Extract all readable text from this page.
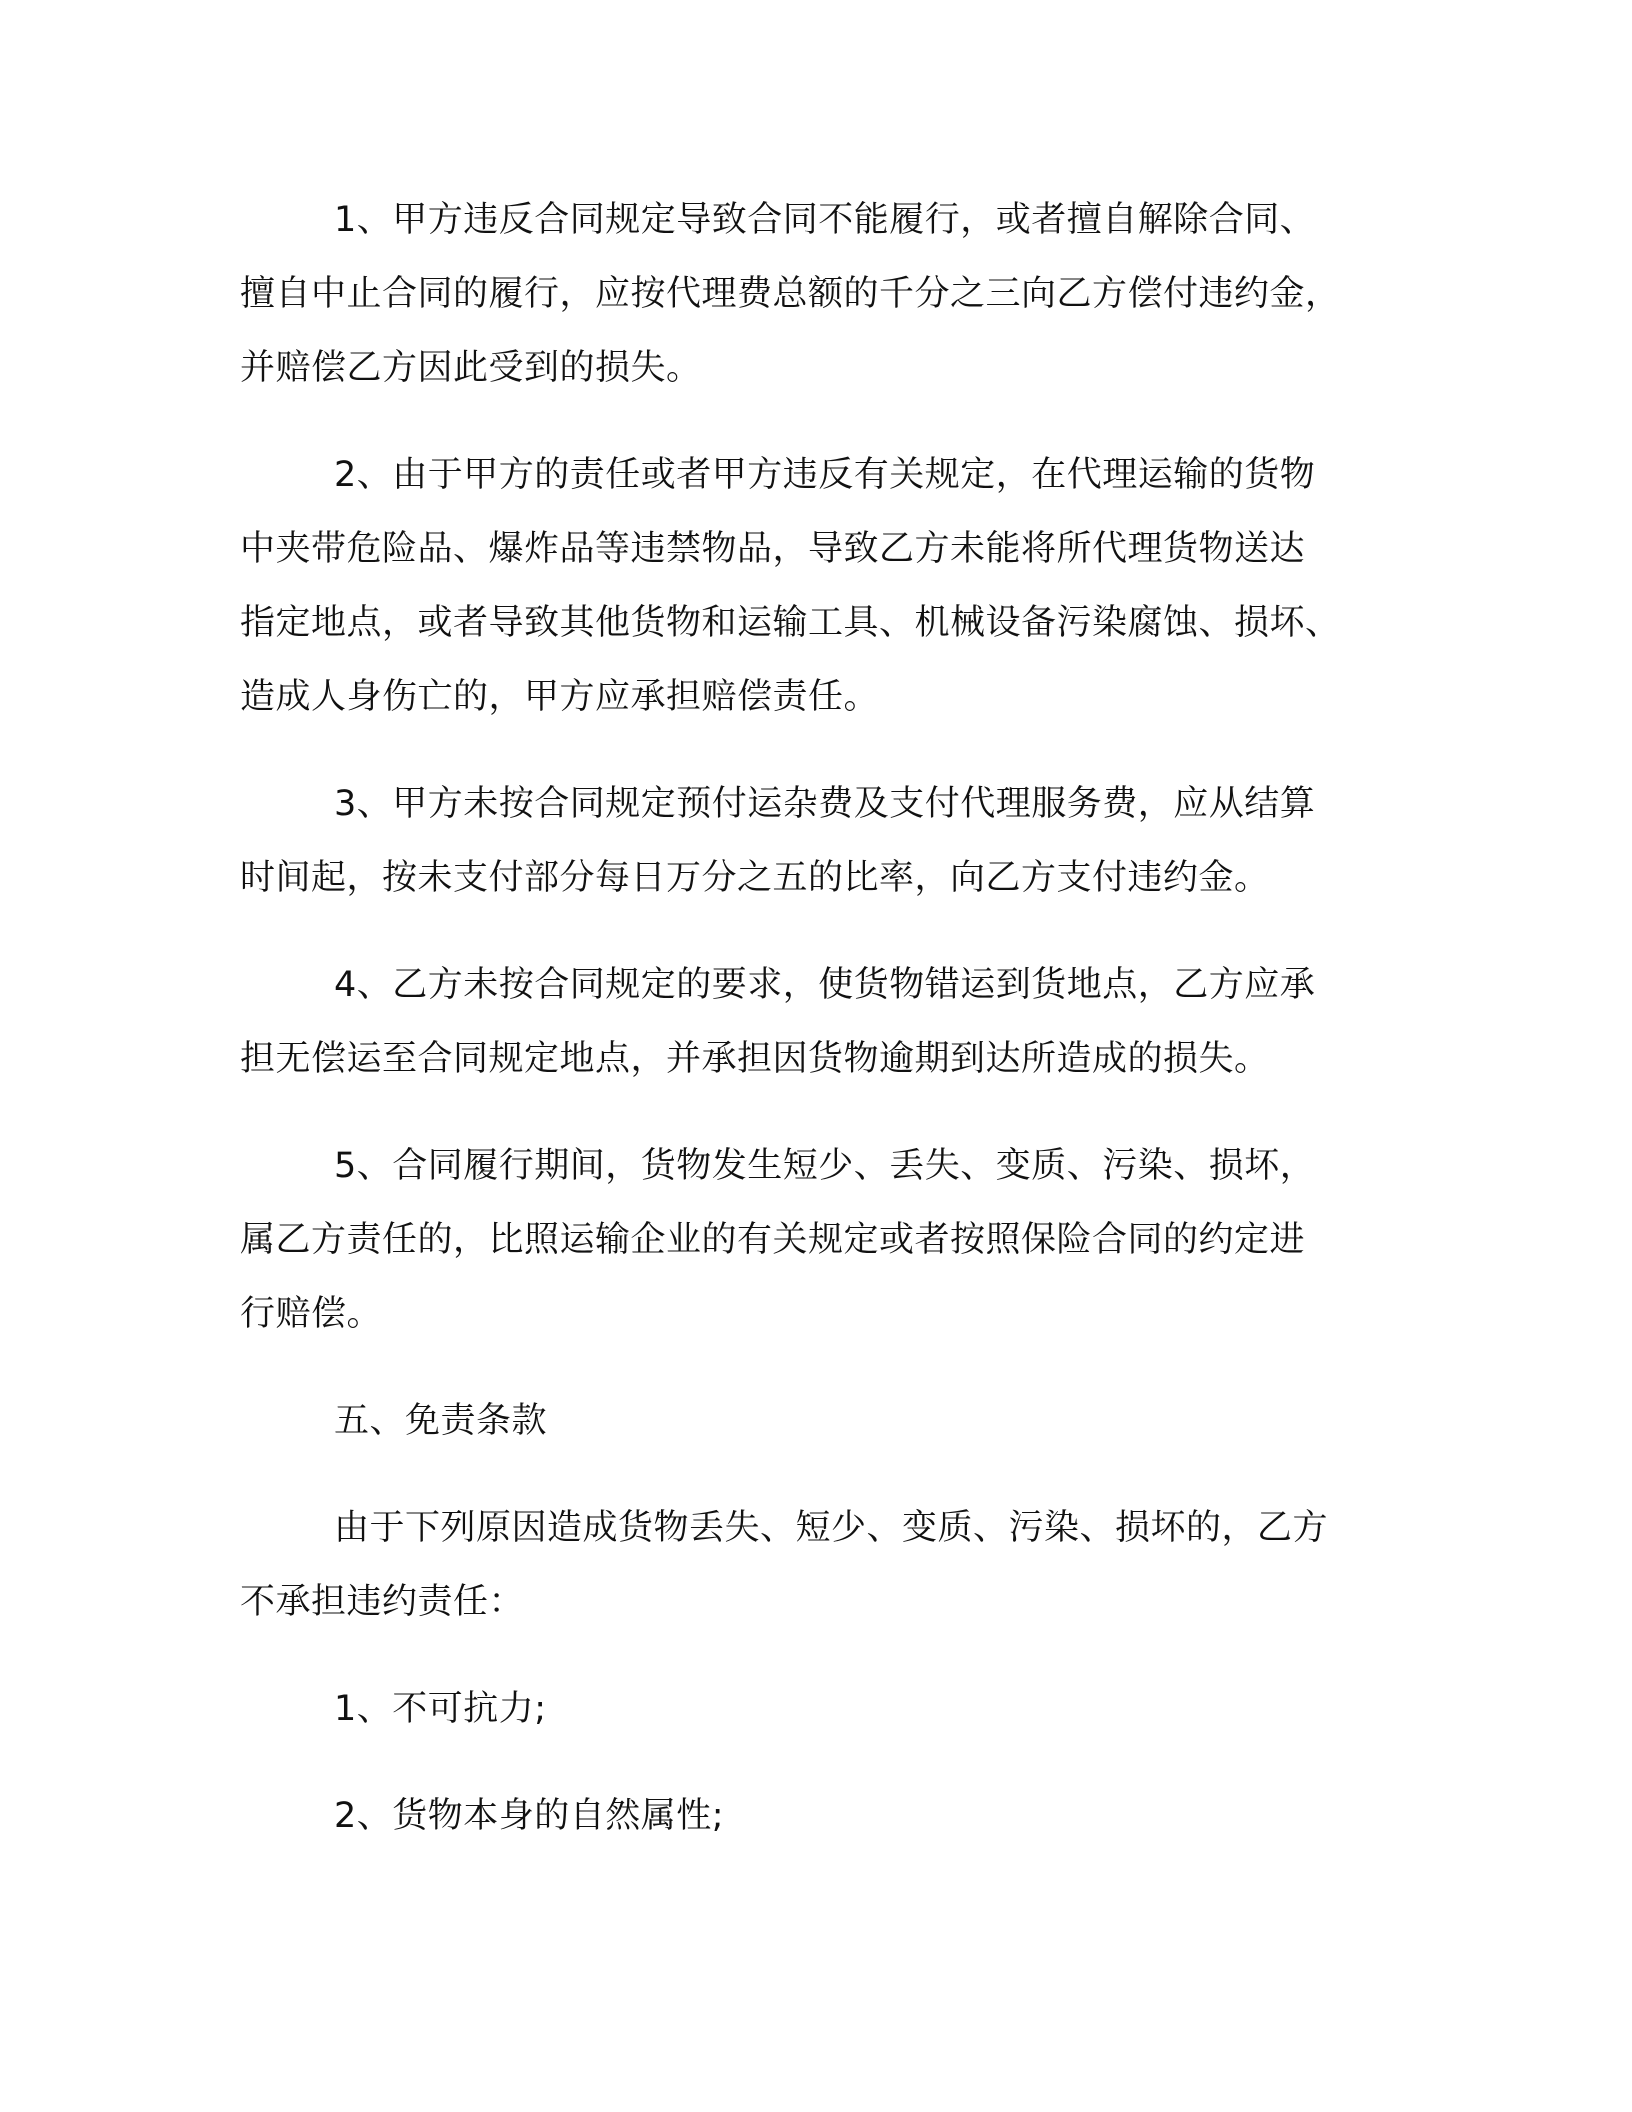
1、甲方违反合同规定导致合同不能履行，或者擅自解除合同、
擅自中止合同的履行，应按代理费总额的千分之三向乙方偿付违约金，
并赔偿乙方因此受到的损失。

2、由于甲方的责任或者甲方违反有关规定，在代理运输的货物
中夹带危险品、爆炸品等违禁物品，导致乙方未能将所代理货物送达
指定地点，或者导致其他货物和运输工具、机械设备污染腐蚀、损坏、
造成人身伤亡的，甲方应承担赔偿责任。

3、甲方未按合同规定预付运杂费及支付代理服务费，应从结算
时间起，按未支付部分每日万分之五的比率，向乙方支付违约金。

4、乙方未按合同规定的要求，使货物错运到货地点，乙方应承
担无偿运至合同规定地点，并承担因货物逾期到达所造成的损失。

5、合同履行期间，货物发生短少、丢失、变质、污染、损坏，
属乙方责任的，比照运输企业的有关规定或者按照保险合同的约定进
行赔偿。

五、免责条款

由于下列原因造成货物丢失、短少、变质、污染、损坏的，乙方
不承担违约责任：

1、不可抗力;

2、货物本身的自然属性;
